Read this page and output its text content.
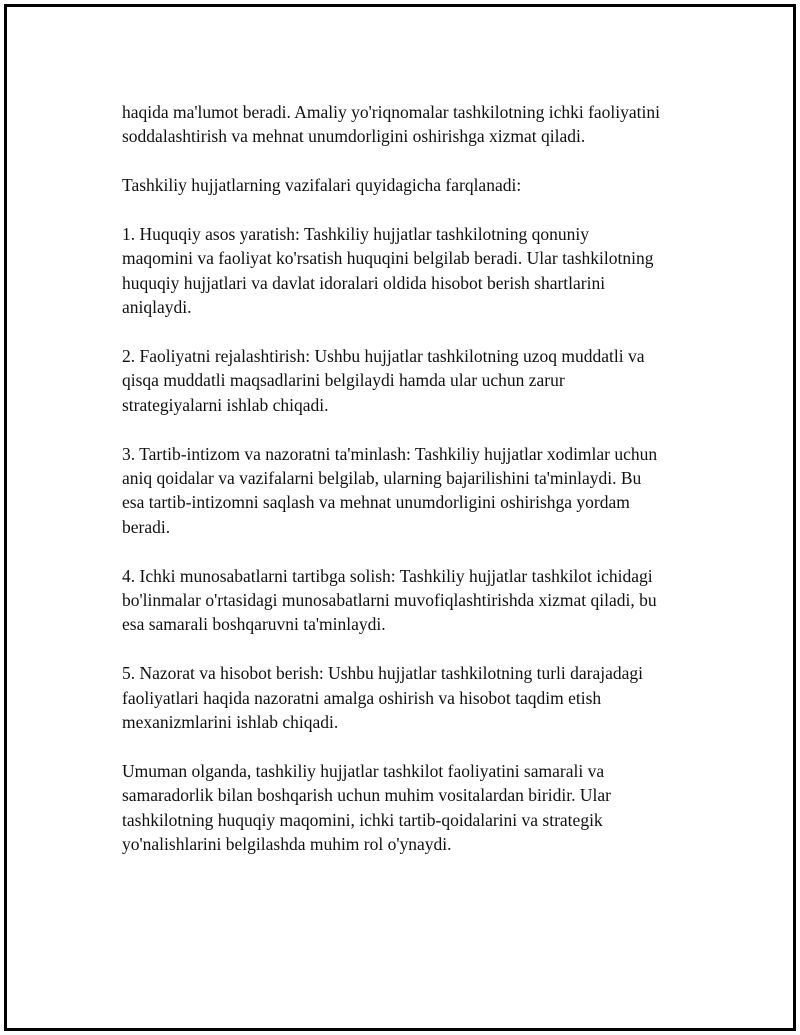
haqida ma'lumot beradi. Amaliy yo'riqnomalar tashkilotning ichki faoliyatini
soddalashtirish va mehnat unumdorligini oshirishga xizmat qiladi.

Tashkiliy hujjatlarning vazifalari quyidagicha farqlanadi:

1. Huquqiy asos yaratish: Tashkiliy hujjatlar tashkilotning qonuniy
maqomini va faoliyat ko'rsatish huquqini belgilab beradi. Ular tashkilotning
huquqiy hujjatlari va davlat idoralari oldida hisobot berish shartlarini
aniqlaydi.

2. Faoliyatni rejalashtirish: Ushbu hujjatlar tashkilotning uzoq muddatli va
qisqa muddatli maqsadlarini belgilaydi hamda ular uchun zarur
strategiyalarni ishlab chiqadi.

3. Tartib-intizom va nazoratni ta'minlash: Tashkiliy hujjatlar xodimlar uchun
aniq qoidalar va vazifalarni belgilab, ularning bajarilishini ta'minlaydi. Bu
esa tartib-intizomni saqlash va mehnat unumdorligini oshirishga yordam
beradi.

4. Ichki munosabatlarni tartibga solish: Tashkiliy hujjatlar tashkilot ichidagi
bo'linmalar o'rtasidagi munosabatlarni muvofiqlashtirishda xizmat qiladi, bu
esa samarali boshqaruvni ta'minlaydi.

5. Nazorat va hisobot berish: Ushbu hujjatlar tashkilotning turli darajadagi
faoliyatlari haqida nazoratni amalga oshirish va hisobot taqdim etish
mexanizmlarini ishlab chiqadi.

Umuman olganda, tashkiliy hujjatlar tashkilot faoliyatini samarali va
samaradorlik bilan boshqarish uchun muhim vositalardan biridir. Ular
tashkilotning huquqiy maqomini, ichki tartib-qoidalarini va strategik
yo'nalishlarini belgilashda muhim rol o'ynaydi.
